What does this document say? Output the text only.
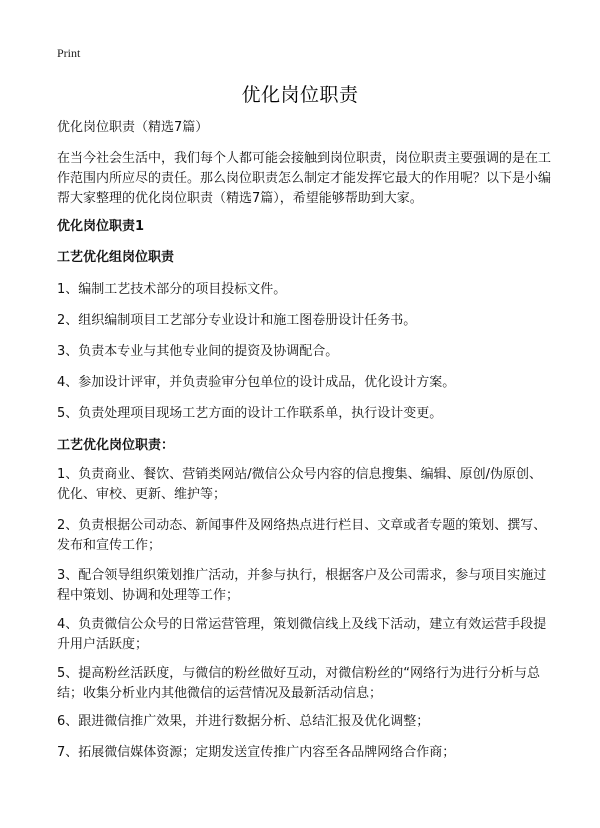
Print
优化岗位职责
优化岗位职责（精选7篇）
在当今社会生活中，我们每个人都可能会接触到岗位职责，岗位职责主要强调的是在工作范围内所应尽的责任。那么岗位职责怎么制定才能发挥它最大的作用呢？以下是小编帮大家整理的优化岗位职责（精选7篇），希望能够帮助到大家。
优化岗位职责1
工艺优化组岗位职责
1、编制工艺技术部分的项目投标文件。
2、组织编制项目工艺部分专业设计和施工图卷册设计任务书。
3、负责本专业与其他专业间的提资及协调配合。
4、参加设计评审，并负责验审分包单位的设计成品，优化设计方案。
5、负责处理项目现场工艺方面的设计工作联系单，执行设计变更。
工艺优化岗位职责：
1、负责商业、餐饮、营销类网站/微信公众号内容的信息搜集、编辑、原创/伪原创、优化、审校、更新、维护等；
2、负责根据公司动态、新闻事件及网络热点进行栏目、文章或者专题的策划、撰写、发布和宣传工作；
3、配合领导组织策划推广活动，并参与执行，根据客户及公司需求，参与项目实施过程中策划、协调和处理等工作；
4、负责微信公众号的日常运营管理，策划微信线上及线下活动，建立有效运营手段提升用户活跃度；
5、提高粉丝活跃度，与微信的粉丝做好互动，对微信粉丝的“网络行为进行分析与总结；收集分析业内其他微信的运营情况及最新活动信息；
6、跟进微信推广效果，并进行数据分析、总结汇报及优化调整；
7、拓展微信媒体资源；定期发送宣传推广内容至各品牌网络合作商；
